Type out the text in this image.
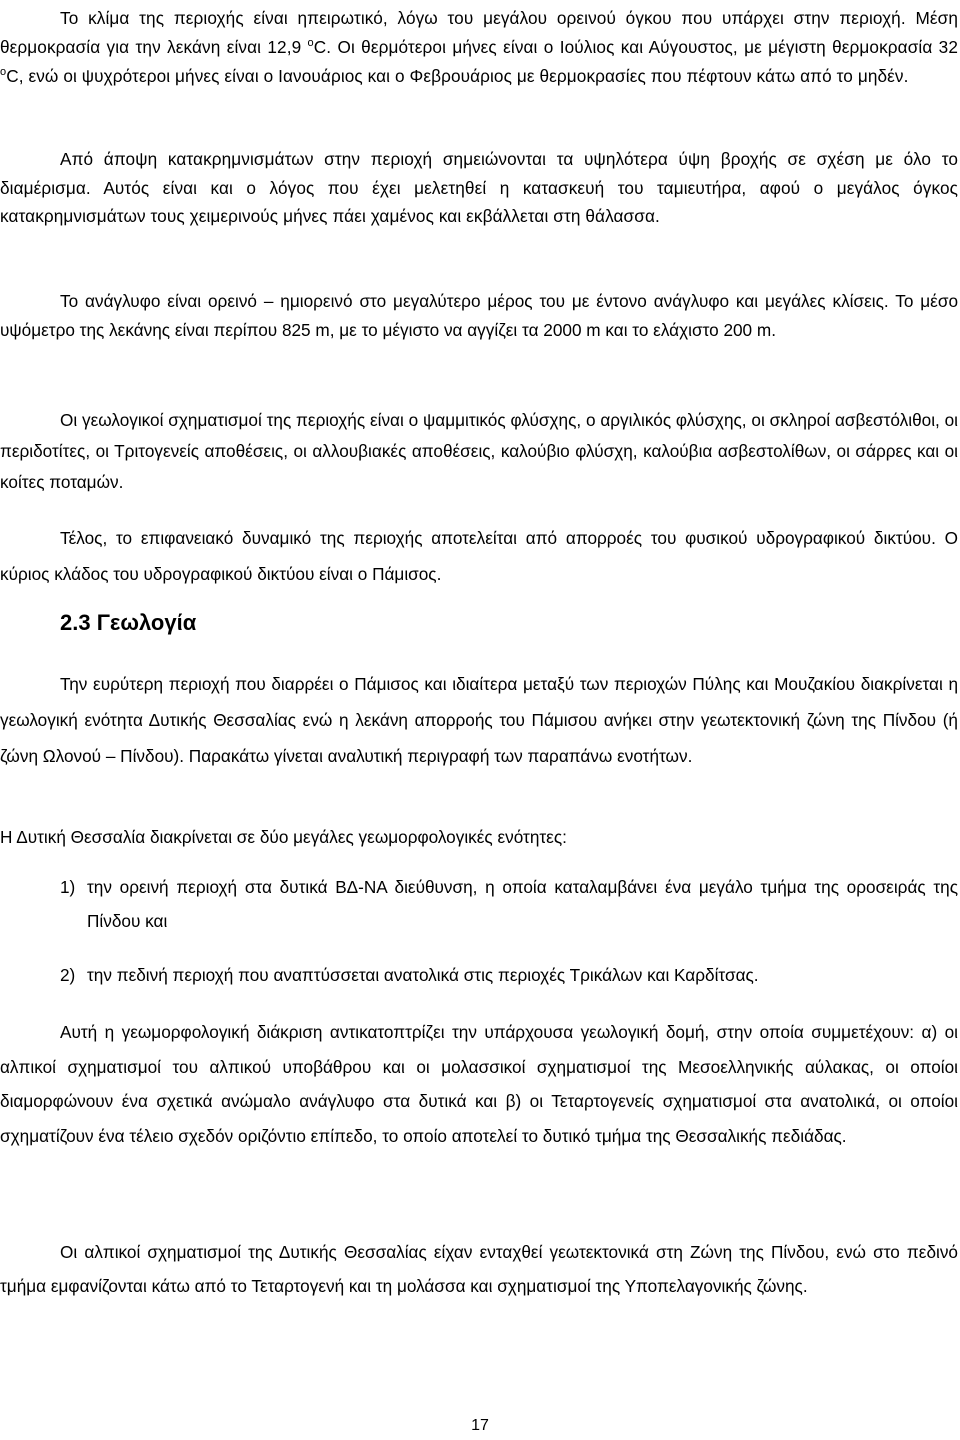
Το κλίμα της περιοχής είναι ηπειρωτικό, λόγω του μεγάλου ορεινού όγκου που υπάρχει στην περιοχή. Μέση θερμοκρασία για την λεκάνη είναι 12,9 $^o$C. Οι θερμότεροι μήνες είναι ο Ιούλιος και Αύγουστος, με μέγιστη θερμοκρασία 32 $^o$C, ενώ οι ψυχρότεροι μήνες είναι ο Ιανουάριος και ο Φεβρουάριος με θερμοκρασίες που πέφτουν κάτω από το μηδέν.

Από άποψη κατακρημνισμάτων στην περιοχή σημειώνονται τα υψηλότερα ύψη βροχής σε σχέση με όλο το διαμέρισμα. Αυτός είναι και ο λόγος που έχει μελετηθεί η κατασκευή του ταμιευτήρα, αφού ο μεγάλος όγκος κατακρημνισμάτων τους χειμερινούς μήνες πάει χαμένος και εκβάλλεται στη θάλασσα.

Το ανάγλυφο είναι ορεινό – ημιορεινό στο μεγαλύτερο μέρος του με έντονο ανάγλυφο και μεγάλες κλίσεις. Το μέσο υψόμετρο της λεκάνης είναι περίπου 825 m, με το μέγιστο να αγγίζει τα 2000 m και το ελάχιστο 200 m.

Οι γεωλογικοί σχηματισμοί της περιοχής είναι ο ψαμμιτικός φλύσχης, ο αργιλικός φλύσχης, οι σκληροί ασβεστόλιθοι, οι περιδοτίτες, οι Τριτογενείς αποθέσεις, οι αλλουβιακές αποθέσεις, καλούβιο φλύσχη, καλούβια ασβεστολίθων, οι σάρρες και οι κοίτες ποταμών.

Τέλος, το επιφανειακό δυναμικό της περιοχής αποτελείται από απορροές του φυσικού υδρογραφικού δικτύου. Ο κύριος κλάδος του υδρογραφικού δικτύου είναι ο Πάμισος.

2.3 Γεωλογία

Την ευρύτερη περιοχή που διαρρέει ο Πάμισος και ιδιαίτερα μεταξύ των περιοχών Πύλης και Μουζακίου διακρίνεται η γεωλογική ενότητα Δυτικής Θεσσαλίας ενώ η λεκάνη απορροής του Πάμισου ανήκει στην γεωτεκτονική ζώνη της Πίνδου (ή ζώνη Ωλονού – Πίνδου). Παρακάτω γίνεται αναλυτική περιγραφή των παραπάνω ενοτήτων.

Η Δυτική Θεσσαλία διακρίνεται σε δύο μεγάλες γεωμορφολογικές ενότητες:

1) την ορεινή περιοχή στα δυτικά ΒΔ-ΝΑ διεύθυνση, η οποία καταλαμβάνει ένα μεγάλο τμήμα της οροσειράς της Πίνδου και
2) την πεδινή περιοχή που αναπτύσσεται ανατολικά στις περιοχές Τρικάλων και Καρδίτσας.

Αυτή η γεωμορφολογική διάκριση αντικατοπτρίζει την υπάρχουσα γεωλογική δομή, στην οποία συμμετέχουν: α) οι αλπικοί σχηματισμοί του αλπικού υποβάθρου και οι μολασσικοί σχηματισμοί της Μεσοελληνικής αύλακας, οι οποίοι διαμορφώνουν ένα σχετικά ανώμαλο ανάγλυφο στα δυτικά και β) οι Τεταρτογενείς σχηματισμοί στα ανατολικά, οι οποίοι σχηματίζουν ένα τέλειο σχεδόν οριζόντιο επίπεδο, το οποίο αποτελεί το δυτικό τμήμα της Θεσσαλικής πεδιάδας.

Οι αλπικοί σχηματισμοί της Δυτικής Θεσσαλίας είχαν ενταχθεί γεωτεκτονικά στη Ζώνη της Πίνδου, ενώ στο πεδινό τμήμα εμφανίζονται κάτω από το Τεταρτογενή και τη μολάσσα και σχηματισμοί της Υποπελαγονικής ζώνης.

17
